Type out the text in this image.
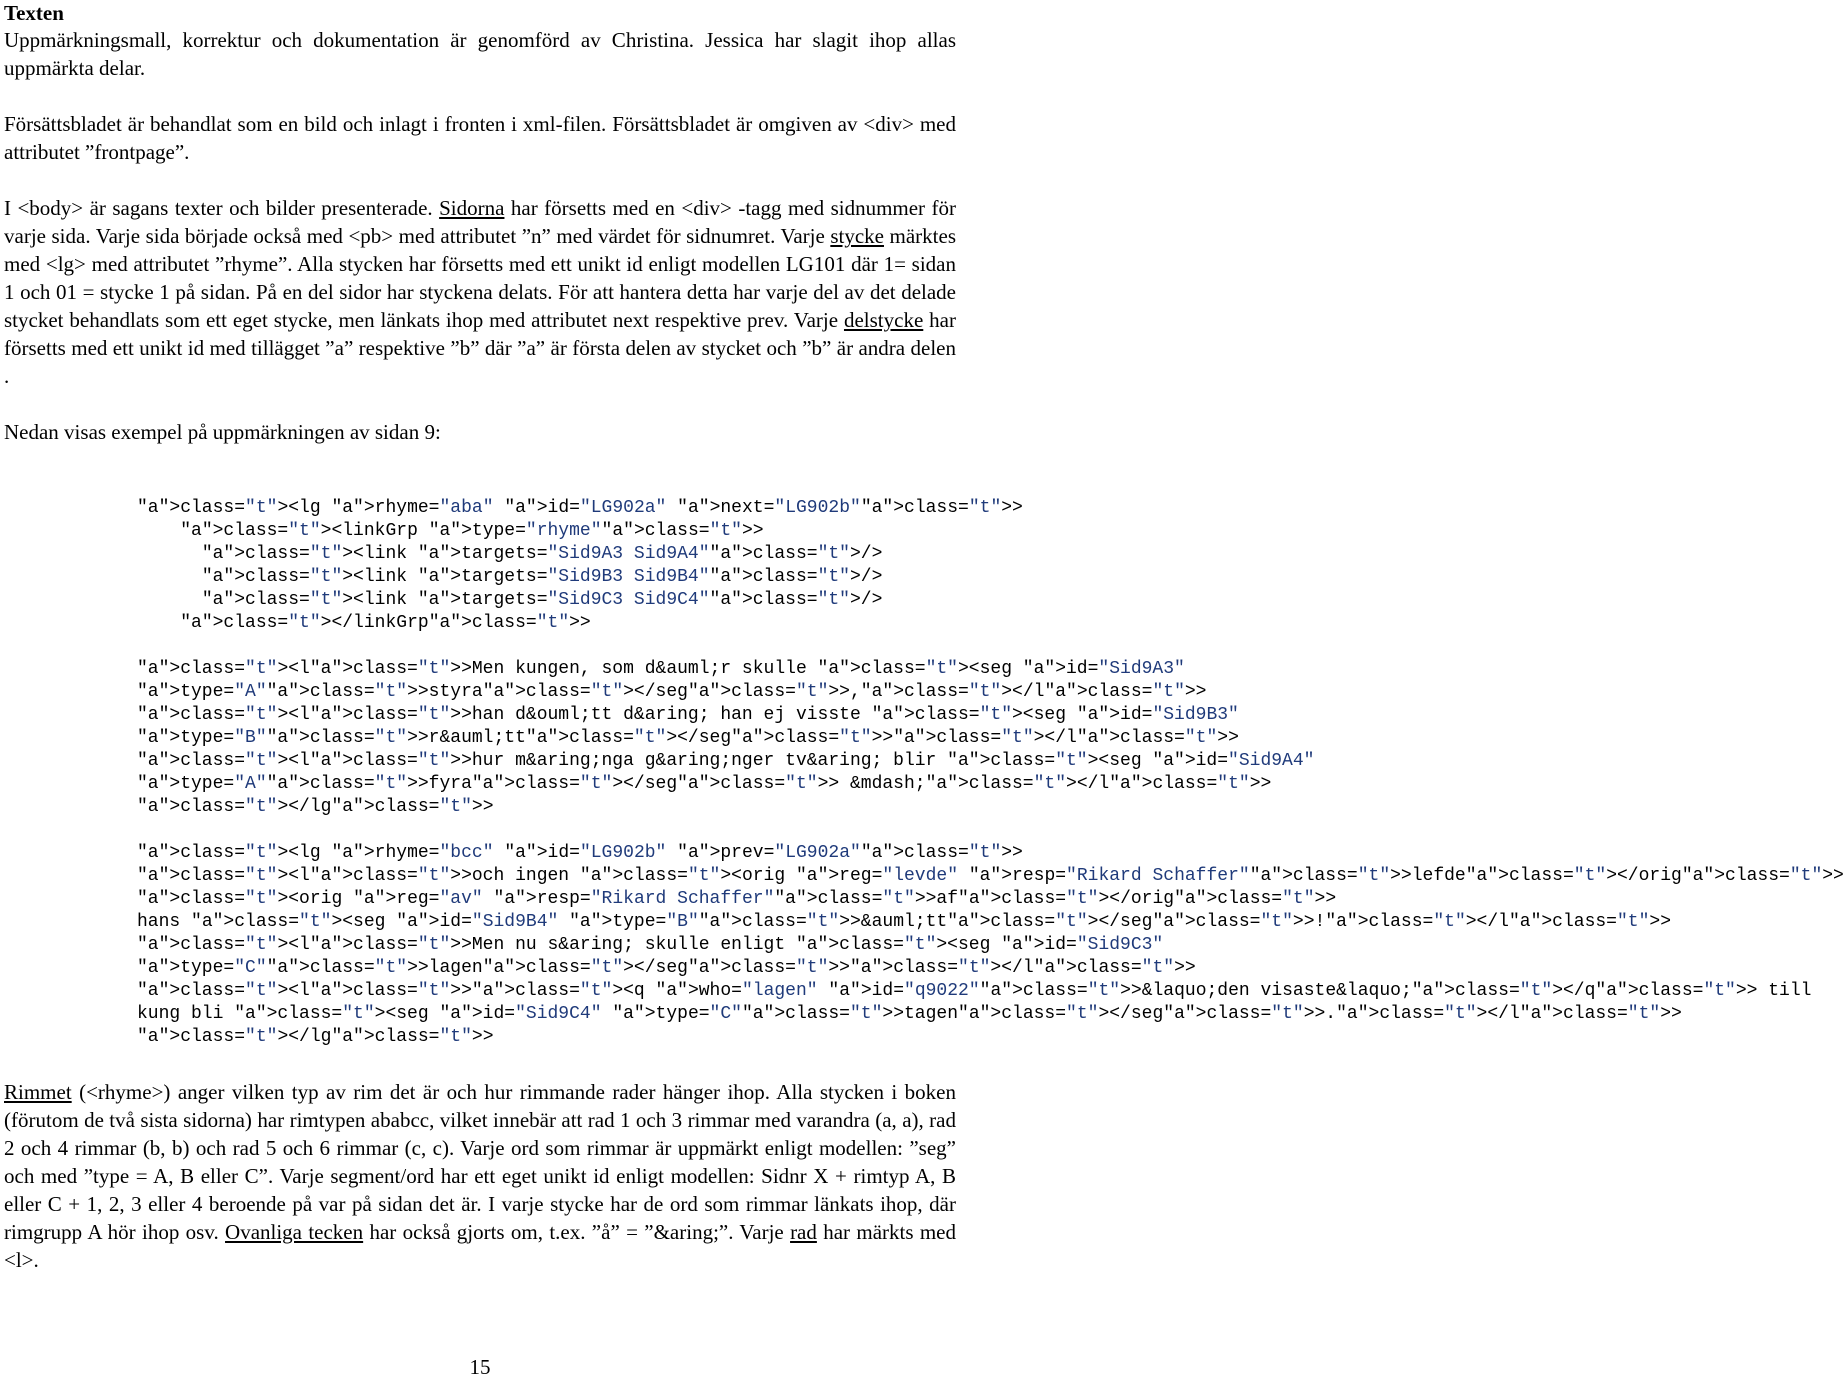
Texten

Uppmärkningsmall, korrektur och dokumentation är genomförd av Christina. Jessica har slagit ihop allas uppmärkta delar.

Försättsbladet är behandlat som en bild och inlagt i fronten i xml-filen. Försättsbladet är omgiven av <div> med attributet ”frontpage”.

I <body> är sagans texter och bilder presenterade. Sidorna har försetts med en <div> -tagg med sidnummer för varje sida. Varje sida började också med <pb> med attributet ”n” med värdet för sidnumret. Varje stycke märktes med <lg> med attributet ”rhyme”. Alla stycken har försetts med ett unikt id enligt modellen LG101 där 1= sidan 1 och 01 = stycke 1 på sidan. På en del sidor har styckena delats. För att hantera detta har varje del av det delade stycket behandlats som ett eget stycke, men länkats ihop med attributet next respektive prev. Varje delstycke har försetts med ett unikt id med tillägget ”a” respektive ”b” där ”a” är första delen av stycket och ”b” är andra delen .

Nedan visas exempel på uppmärkningen av sidan 9:

"a">class="t"><lg "a">rhyme="aba" "a">id="LG902a" "a">next="LG902b""a">class="t">>
"a">class="t"><linkGrp "a">type="rhyme""a">class="t">>
"a">class="t"><link "a">targets="Sid9A3 Sid9A4""a">class="t">/>
"a">class="t"><link "a">targets="Sid9B3 Sid9B4""a">class="t">/>
"a">class="t"><link "a">targets="Sid9C3 Sid9C4""a">class="t">/>
"a">class="t"></linkGrp"a">class="t">>

"a">class="t"><l"a">class="t">>Men kungen, som d&auml;r skulle "a">class="t"><seg "a">id="Sid9A3"
"a">type="A""a">class="t">>styra"a">class="t"></seg"a">class="t">>,"a">class="t"></l"a">class="t">>
"a">class="t"><l"a">class="t">>han d&ouml;tt d&aring; han ej visste "a">class="t"><seg "a">id="Sid9B3"
"a">type="B""a">class="t">>r&auml;tt"a">class="t"></seg"a">class="t">>"a">class="t"></l"a">class="t">>
"a">class="t"><l"a">class="t">>hur m&aring;nga g&aring;nger tv&aring; blir "a">class="t"><seg "a">id="Sid9A4"
"a">type="A""a">class="t">>fyra"a">class="t"></seg"a">class="t">> &mdash;"a">class="t"></l"a">class="t">>
"a">class="t"></lg"a">class="t">>

"a">class="t"><lg "a">rhyme="bcc" "a">id="LG902b" "a">prev="LG902a""a">class="t">>
"a">class="t"><l"a">class="t">>och ingen "a">class="t"><orig "a">reg="levde" "a">resp="Rikard Schaffer""a">class="t">>lefde"a">class="t"></orig"a">class="t">>
"a">class="t"><orig "a">reg="av" "a">resp="Rikard Schaffer""a">class="t">>af"a">class="t"></orig"a">class="t">>
hans "a">class="t"><seg "a">id="Sid9B4" "a">type="B""a">class="t">>&auml;tt"a">class="t"></seg"a">class="t">>!"a">class="t"></l"a">class="t">>
"a">class="t"><l"a">class="t">>Men nu s&aring; skulle enligt "a">class="t"><seg "a">id="Sid9C3"
"a">type="C""a">class="t">>lagen"a">class="t"></seg"a">class="t">>"a">class="t"></l"a">class="t">>
"a">class="t"><l"a">class="t">>"a">class="t"><q "a">who="lagen" "a">id="q9022""a">class="t">>&laquo;den visaste&laquo;"a">class="t"></q"a">class="t">> till
kung bli "a">class="t"><seg "a">id="Sid9C4" "a">type="C""a">class="t">>tagen"a">class="t"></seg"a">class="t">>."a">class="t"></l"a">class="t">>
"a">class="t"></lg"a">class="t">>

Rimmet (<rhyme>) anger vilken typ av rim det är och hur rimmande rader hänger ihop. Alla stycken i boken (förutom de två sista sidorna) har rimtypen ababcc, vilket innebär att rad 1 och 3 rimmar med varandra (a, a), rad 2 och 4 rimmar (b, b) och rad 5 och 6 rimmar (c, c). Varje ord som rimmar är uppmärkt enligt modellen: ”seg” och med ”type = A, B eller C”. Varje segment/ord har ett eget unikt id enligt modellen: Sidnr X + rimtyp A, B eller C + 1, 2, 3 eller 4 beroende på var på sidan det är. I varje stycke har de ord som rimmar länkats ihop, där rimgrupp A hör ihop osv. Ovanliga tecken har också gjorts om, t.ex. ”å” = ”&aring;”. Varje rad har märkts med <l>.

15
